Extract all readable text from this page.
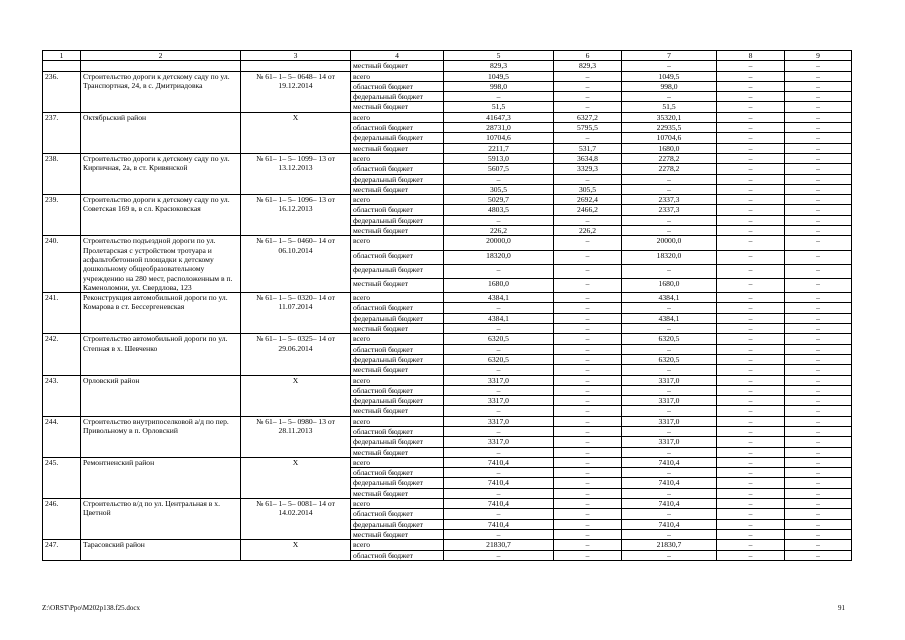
1	2	3	4	5	6	7	8	9
			местный бюджет	829,3	829,3	–	–	–
236.	Строительство дороги к детскому саду по ул. Транспортная, 24, в с. Дмитриадовка	№ 61– 1– 5– 0648– 14 от 19.12.2014	всего	1049,5	–	1049,5	–	–
			областной бюджет	998,0	–	998,0	–	–
			федеральный бюджет	–	–	–	–	–
			местный бюджет	51,5	–	51,5	–	–
237.	Октябрьский район	X	всего	41647,3	6327,2	35320,1	–	–
			областной бюджет	28731,0	5795,5	22935,5	–	–
			федеральный бюджет	10704,6	–	10704,6	–	–
			местный бюджет	2211,7	531,7	1680,0	–	–
238.	Строительство дороги к детскому саду по ул. Кирпичная, 2а, в ст. Кривянской	№ 61– 1– 5– 1099– 13 от 13.12.2013	всего	5913,0	3634,8	2278,2	–	–
			областной бюджет	5607,5	3329,3	2278,2	–	–
			федеральный бюджет	–	–	–	–	–
			местный бюджет	305,5	305,5	–	–	–
239.	Строительство дороги к детскому саду по ул. Советская 169 в, в сл. Красюковская	№ 61– 1– 5– 1096– 13 от 16.12.2013	всего	5029,7	2692,4	2337,3	–	–
			областной бюджет	4803,5	2466,2	2337,3	–	–
			федеральный бюджет	–	–	–	–	–
			местный бюджет	226,2	226,2	–	–	–
240.	Строительство подъездной дороги по ул. Пролетарская с устройством тротуара и асфальтобетонной площадки к детскому дошкольному общеобразовательному учреждению на 280 мест, расположенным в п. Каменоломни, ул. Свердлова, 123	№ 61– 1– 5– 0460– 14 от 06.10.2014	всего	20000,0	–	20000,0	–	–
			областной бюджет	18320,0	–	18320,0	–	–
			федеральный бюджет	–	–	–	–	–
			местный бюджет	1680,0	–	1680,0	–	–
241.	Реконструкция автомобильной дороги по ул. Комарова в ст. Бессергеневская	№ 61– 1– 5– 0320– 14 от 11.07.2014	всего	4384,1	–	4384,1	–	–
			областной бюджет	–	–	–	–	–
			федеральный бюджет	4384,1	–	4384,1	–	–
			местный бюджет	–	–	–	–	–
242.	Строительство автомобильной дороги по ул. Степная в х. Шевченко	№ 61– 1– 5– 0325– 14 от 29.06.2014	всего	6320,5	–	6320,5	–	–
			областной бюджет	–	–	–	–	–
			федеральный бюджет	6320,5	–	6320,5	–	–
			местный бюджет	–	–	–	–	–
243.	Орловский район	X	всего	3317,0	–	3317,0	–	–
			областной бюджет	–	–	–	–	–
			федеральный бюджет	3317,0	–	3317,0	–	–
			местный бюджет	–	–	–	–	–
244.	Строительство внутрипоселковой а/д по пер. Привольному в п. Орловский	№ 61– 1– 5– 0980– 13 от 28.11.2013	всего	3317,0	–	3317,0	–	–
			областной бюджет	–	–	–	–	–
			федеральный бюджет	3317,0	–	3317,0	–	–
			местный бюджет	–	–	–	–	–
245.	Ремонтненский район	X	всего	7410,4	–	7410,4	–	–
			областной бюджет	–	–	–	–	–
			федеральный бюджет	7410,4	–	7410,4	–	–
			местный бюджет	–	–	–	–	–
246.	Строительство в/д по ул. Центральная в х. Цветной	№ 61– 1– 5– 0081– 14 от 14.02.2014	всего	7410,4	–	7410,4	–	–
			областной бюджет	–	–	–	–	–
			федеральный бюджет	7410,4	–	7410,4	–	–
			местный бюджет	–	–	–	–	–
247.	Тарасовский район	X	всего	21830,7	–	21830,7	–	–
			областной бюджет	–	–	–	–	–
Z:\ORST\Ppo\M202p138.f25.docx	91
